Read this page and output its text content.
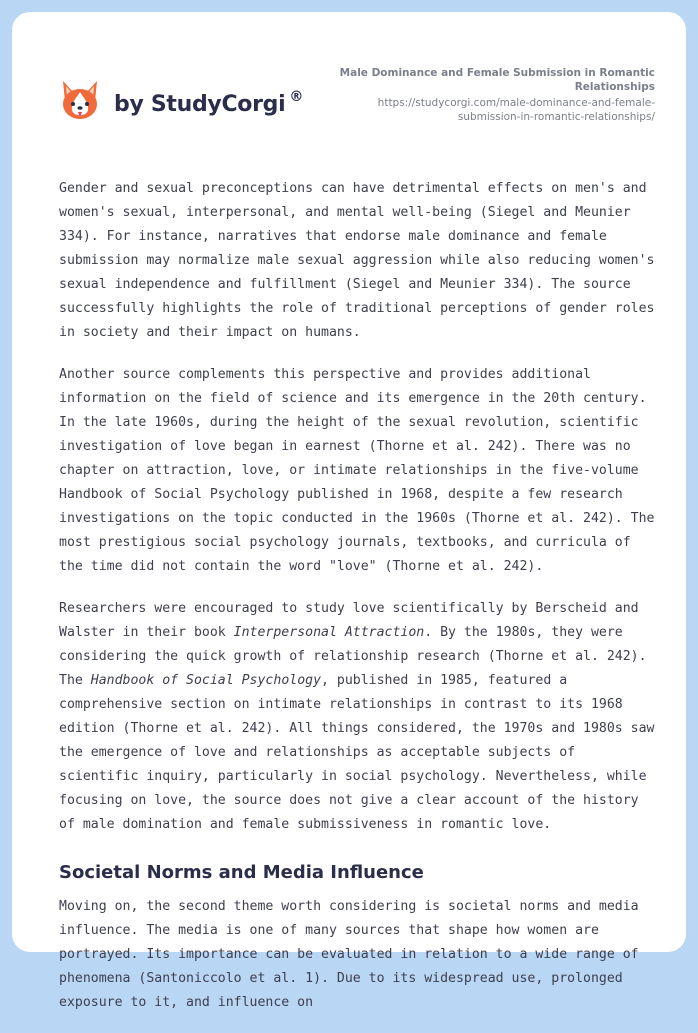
by StudyCorgi ®
Male Dominance and Female Submission in Romantic Relationships
https://studycorgi.com/male-dominance-and-female-submission-in-romantic-relationships/

Gender and sexual preconceptions can have detrimental effects on men's and women's sexual, interpersonal, and mental well-being (Siegel and Meunier 334). For instance, narratives that endorse male dominance and female submission may normalize male sexual aggression while also reducing women's sexual independence and fulfillment (Siegel and Meunier 334). The source successfully highlights the role of traditional perceptions of gender roles in society and their impact on humans.

Another source complements this perspective and provides additional information on the field of science and its emergence in the 20th century. In the late 1960s, during the height of the sexual revolution, scientific investigation of love began in earnest (Thorne et al. 242). There was no chapter on attraction, love, or intimate relationships in the five-volume Handbook of Social Psychology published in 1968, despite a few research investigations on the topic conducted in the 1960s (Thorne et al. 242). The most prestigious social psychology journals, textbooks, and curricula of the time did not contain the word "love" (Thorne et al. 242).

Researchers were encouraged to study love scientifically by Berscheid and Walster in their book Interpersonal Attraction. By the 1980s, they were considering the quick growth of relationship research (Thorne et al. 242). The Handbook of Social Psychology, published in 1985, featured a comprehensive section on intimate relationships in contrast to its 1968 edition (Thorne et al. 242). All things considered, the 1970s and 1980s saw the emergence of love and relationships as acceptable subjects of scientific inquiry, particularly in social psychology. Nevertheless, while focusing on love, the source does not give a clear account of the history of male domination and female submissiveness in romantic love.

Societal Norms and Media Influence

Moving on, the second theme worth considering is societal norms and media influence. The media is one of many sources that shape how women are portrayed. Its importance can be evaluated in relation to a wide range of phenomena (Santoniccolo et al. 1). Due to its widespread use, prolonged exposure to it, and influence on
